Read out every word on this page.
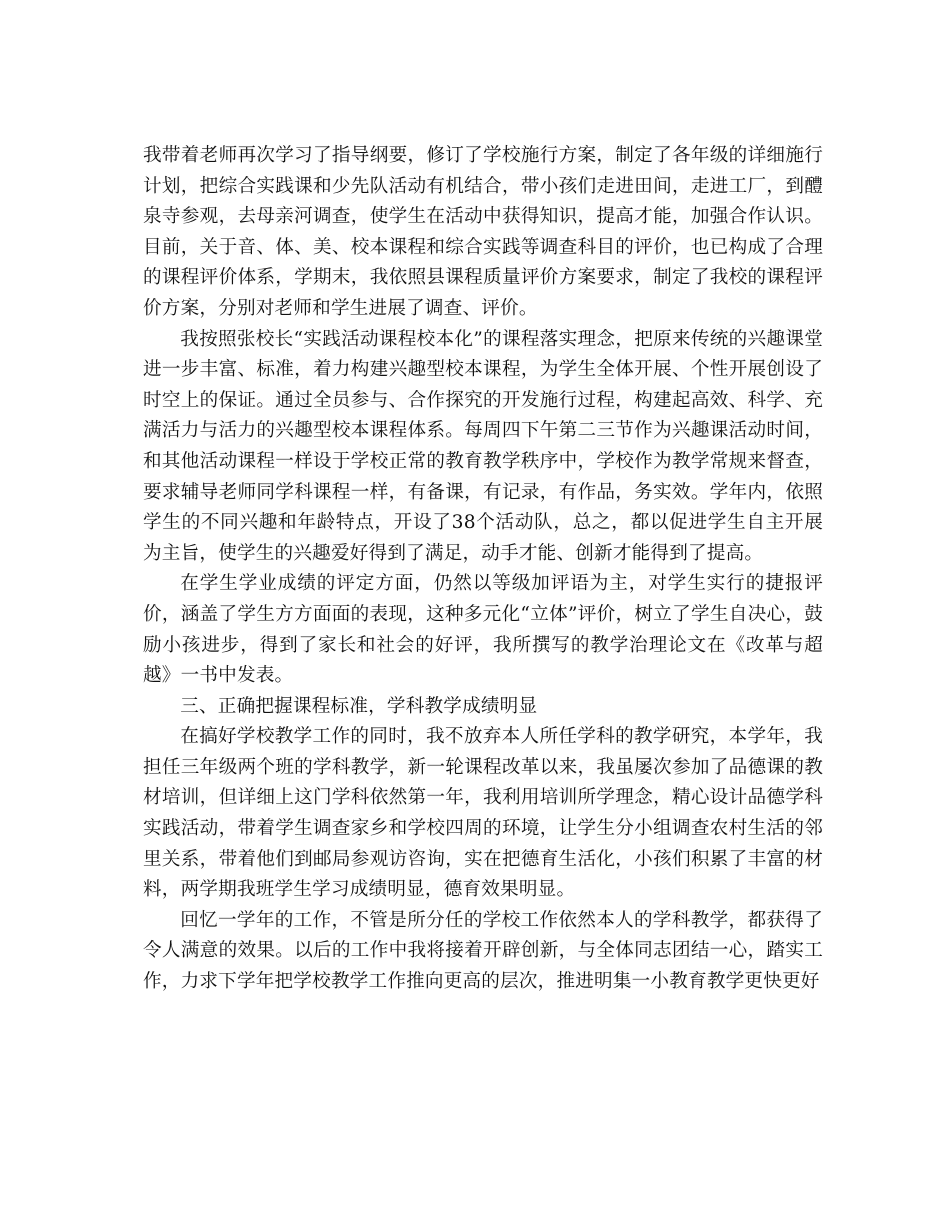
我带着老师再次学习了指导纲要，修订了学校施行方案，制定了各年级的详细施行计划，把综合实践课和少先队活动有机结合，带小孩们走进田间，走进工厂，到醴泉寺参观，去母亲河调查，使学生在活动中获得知识，提高才能，加强合作认识。目前，关于音、体、美、校本课程和综合实践等调查科目的评价，也已构成了合理的课程评价体系，学期末，我依照县课程质量评价方案要求，制定了我校的课程评价方案，分别对老师和学生进展了调查、评价。

我按照张校长“实践活动课程校本化”的课程落实理念，把原来传统的兴趣课堂进一步丰富、标准，着力构建兴趣型校本课程，为学生全体开展、个性开展创设了时空上的保证。通过全员参与、合作探究的开发施行过程，构建起高效、科学、充满活力与活力的兴趣型校本课程体系。每周四下午第二三节作为兴趣课活动时间，和其他活动课程一样设于学校正常的教育教学秩序中，学校作为教学常规来督查，要求辅导老师同学科课程一样，有备课，有记录，有作品，务实效。学年内，依照学生的不同兴趣和年龄特点，开设了38个活动队，总之，都以促进学生自主开展为主旨，使学生的兴趣爱好得到了满足，动手才能、创新才能得到了提高。

在学生学业成绩的评定方面，仍然以等级加评语为主，对学生实行的捷报评价，涵盖了学生方方面面的表现，这种多元化“立体”评价，树立了学生自决心，鼓励小孩进步，得到了家长和社会的好评，我所撰写的教学治理论文在《改革与超越》一书中发表。

三、正确把握课程标准，学科教学成绩明显

在搞好学校教学工作的同时，我不放弃本人所任学科的教学研究，本学年，我担任三年级两个班的学科教学，新一轮课程改革以来，我虽屡次参加了品德课的教材培训，但详细上这门学科依然第一年，我利用培训所学理念，精心设计品德学科实践活动，带着学生调查家乡和学校四周的环境，让学生分小组调查农村生活的邻里关系，带着他们到邮局参观访咨询，实在把德育生活化，小孩们积累了丰富的材料，两学期我班学生学习成绩明显，德育效果明显。

回忆一学年的工作，不管是所分任的学校工作依然本人的学科教学，都获得了令人满意的效果。以后的工作中我将接着开辟创新，与全体同志团结一心，踏实工作，力求下学年把学校教学工作推向更高的层次，推进明集一小教育教学更快更好
